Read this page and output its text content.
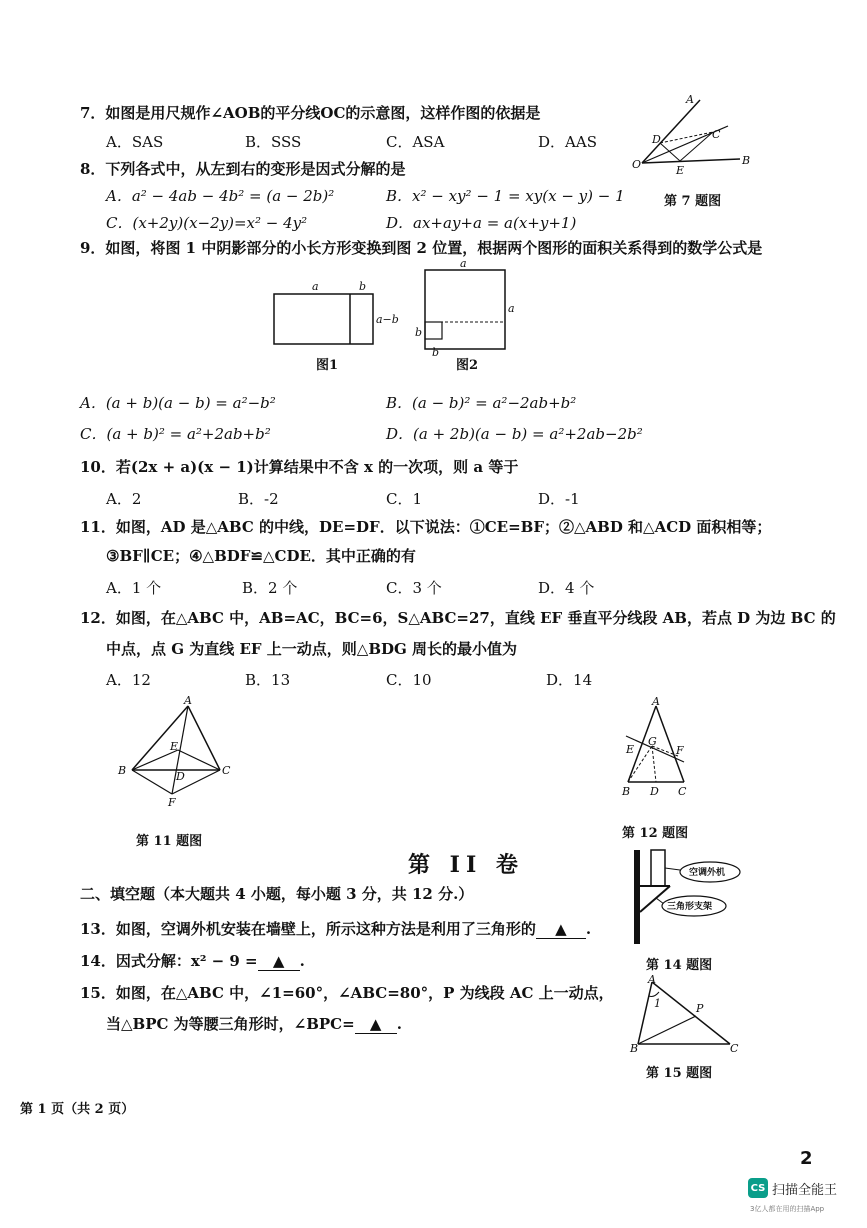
7．如图是用尺规作∠AOB的平分线OC的示意图，这样作图的依据是
A．SAS	B．SSS	C．ASA	D．AAS
A
O	B
C
D
E
第 7 题图
8．下列各式中，从左到右的变形是因式分解的是
A．a² − 4ab − 4b² = (a − 2b)²	B．x² − xy² − 1 = xy(x − y) − 1
C．(x+2y)(x−2y)=x² − 4y²	D．ax+ay+a = a(x+y+1)
9．如图，将图 1 中阴影部分的小长方形变换到图 2 位置，根据两个图形的面积关系得到的数学公式是
a	b
a−b
a
a
b
b
图1	图2
A．(a + b)(a − b) = a²−b²	B．(a − b)² = a²−2ab+b²
C．(a + b)² = a²+2ab+b²	D．(a + 2b)(a − b) = a²+2ab−2b²
10．若(2x + a)(x − 1)计算结果中不含 x 的一次项，则 a 等于
A．2	B．-2	C．1	D．-1
11．如图，AD 是△ABC 的中线，DE=DF．以下说法：①CE=BF；②△ABD 和△ACD 面积相等；
③BF∥CE；④△BDF≌△CDE．其中正确的有
A．1 个	B．2 个	C．3 个	D．4 个
12．如图，在△ABC 中，AB=AC，BC=6，S△ABC=27，直线 EF 垂直平分线段 AB，若点 D 为边 BC 的
中点，点 G 为直线 EF 上一动点，则△BDG 周长的最小值为
A．12	B．13	C．10	D．14
A
B	C
D
E
F
第 11 题图
A
B	C
D
E	F
G
第 12 题图
第 II 卷
二、填空题（本大题共 4 小题，每小题 3 分，共 12 分.）
13．如图，空调外机安装在墙壁上，所示这种方法是利用了三角形的 ▲ .
14．因式分解：x² − 9 = ▲ .
15．如图，在△ABC 中，∠1=60°，∠ABC=80°，P 为线段 AC 上一动点，
当△BPC 为等腰三角形时，∠BPC= ▲ .
空调外机
三角形支架
第 14 题图
A
B	C
P
1
第 15 题图
第 1 页（共 2 页）
2
CS 扫描全能王
3亿人都在用的扫描App
